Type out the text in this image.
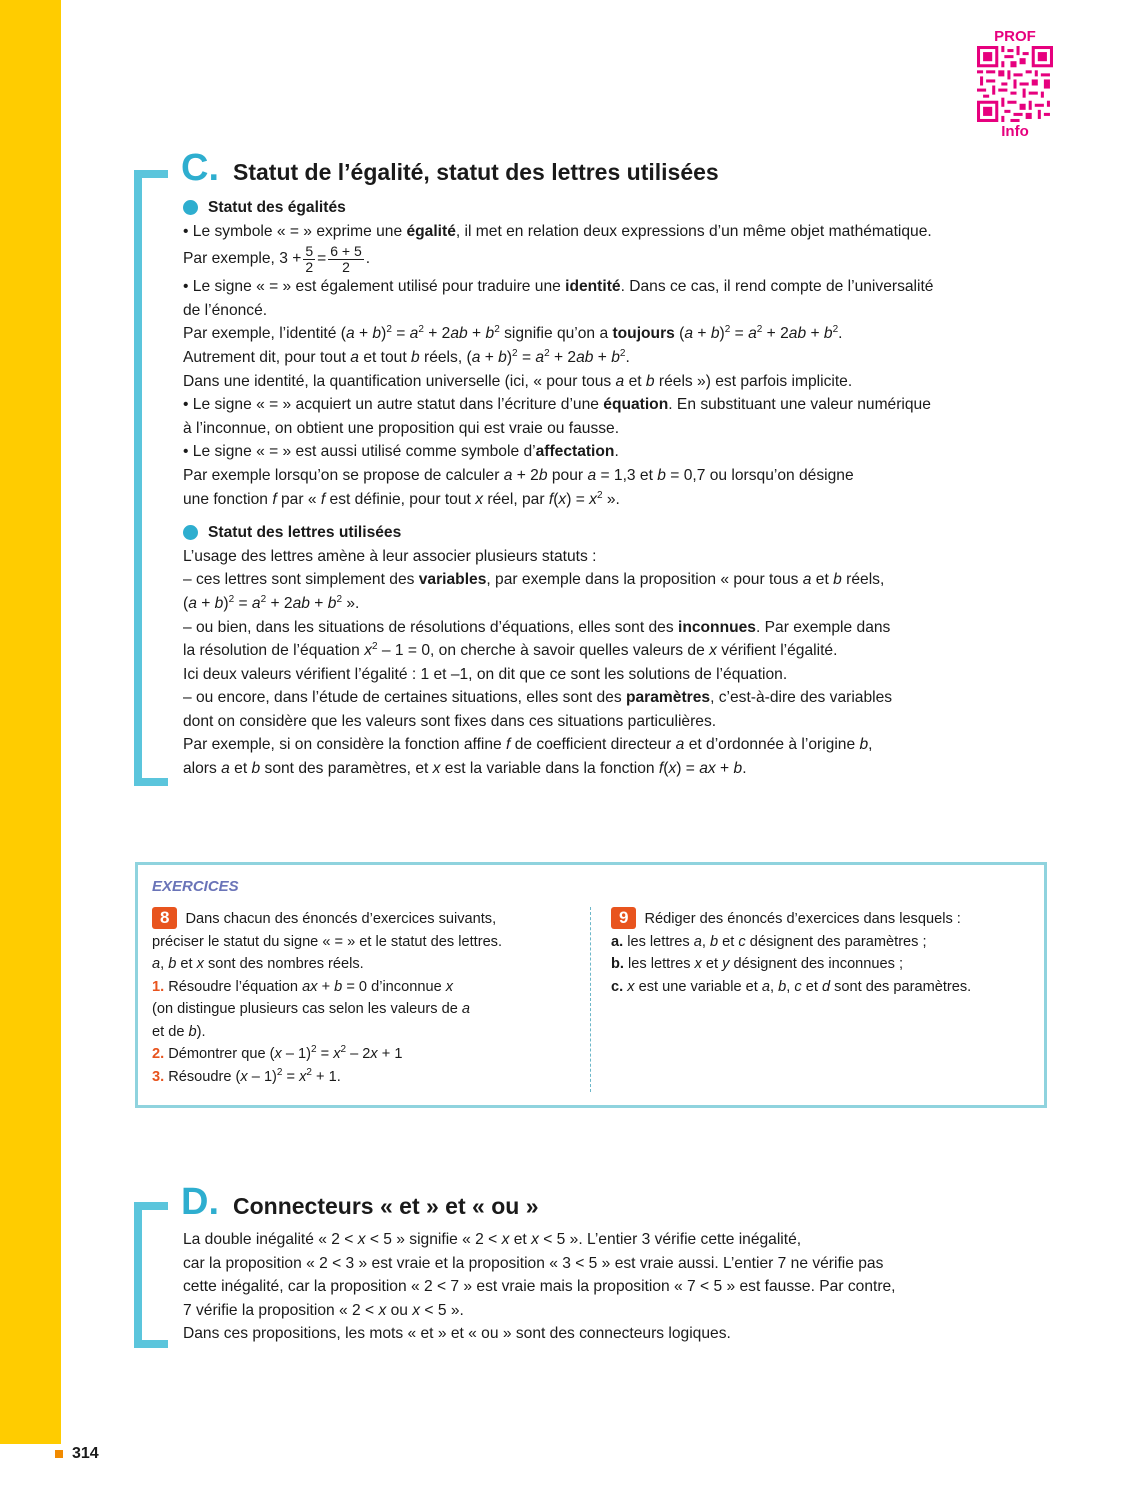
PROF
Info
C. Statut de l’égalité, statut des lettres utilisées
Statut des égalités

• Le symbole « = » exprime une égalité, il met en relation deux expressions d’un même objet mathématique.

Par exemple, $3 + \frac{5}{2} = \frac{6 + 5}{2}$ .

• Le signe « = » est également utilisé pour traduire une identité. Dans ce cas, il rend compte de l’universalité

de l’énoncé.

Par exemple, l’identité $(a + b)^2 = a^2 + 2ab + b^2$ signifie qu’on a toujours $(a + b)^2 = a^2 + 2ab + b^2$.

Autrement dit, pour tout a et tout b réels, $(a + b)^2 = a^2 + 2ab + b^2$.

Dans une identité, la quantification universelle (ici, « pour tous a et b réels ») est parfois implicite.

• Le signe « = » acquiert un autre statut dans l’écriture d’une équation. En substituant une valeur numérique

à l’inconnue, on obtient une proposition qui est vraie ou fausse.

• Le signe « = » est aussi utilisé comme symbole d’affectation.

Par exemple lorsqu’on se propose de calculer a + 2b pour a = 1,3 et b = 0,7 ou lorsqu’on désigne

une fonction f par « f est définie, pour tout x réel, par $f(x) = x^2$ ».

Statut des lettres utilisées

L’usage des lettres amène à leur associer plusieurs statuts :

– ces lettres sont simplement des variables, par exemple dans la proposition « pour tous a et b réels,

$(a + b)^2 = a^2 + 2ab + b^2$ ».

– ou bien, dans les situations de résolutions d’équations, elles sont des inconnues. Par exemple dans

la résolution de l’équation $x^2 - 1 = 0$, on cherche à savoir quelles valeurs de x vérifient l’égalité.

Ici deux valeurs vérifient l’égalité : 1 et –1, on dit que ce sont les solutions de l’équation.

– ou encore, dans l’étude de certaines situations, elles sont des paramètres, c’est-à-dire des variables

dont on considère que les valeurs sont fixes dans ces situations particulières.

Par exemple, si on considère la fonction affine f de coefficient directeur a et d’ordonnée à l’origine b,

alors a et b sont des paramètres, et x est la variable dans la fonction f(x) = ax + b.

EXERCICES

8 Dans chacun des énoncés d’exercices suivants,

préciser le statut du signe « = » et le statut des lettres.

a, b et x sont des nombres réels.

1. Résoudre l’équation ax + b = 0 d’inconnue x

(on distingue plusieurs cas selon les valeurs de a

et de b).

2. Démontrer que $(x - 1)^2 = x^2 - 2x + 1$

3. Résoudre $(x - 1)^2 = x^2 + 1$.

9 Rédiger des énoncés d’exercices dans lesquels :

a. les lettres a, b et c désignent des paramètres ;

b. les lettres x et y désignent des inconnues ;

c. x est une variable et a, b, c et d sont des paramètres.

D. Connecteurs « et » et « ou »

La double inégalité « 2 < x < 5 » signifie « 2 < x et x < 5 ». L’entier 3 vérifie cette inégalité,

car la proposition « 2 < 3 » est vraie et la proposition « 3 < 5 » est vraie aussi. L’entier 7 ne vérifie pas

cette inégalité, car la proposition « 2 < 7 » est vraie mais la proposition « 7 < 5 » est fausse. Par contre,

7 vérifie la proposition « 2 < x ou x < 5 ».

Dans ces propositions, les mots « et » et « ou » sont des connecteurs logiques.

314
